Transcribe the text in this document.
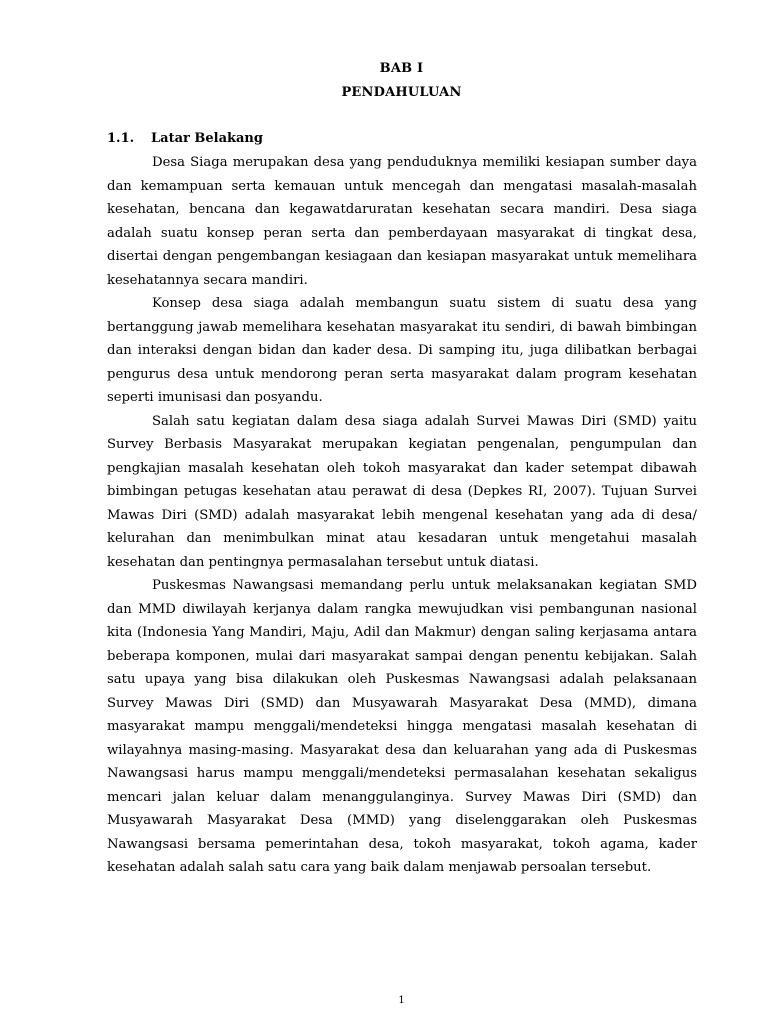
BAB I
PENDAHULUAN
1.1. Latar Belakang

Desa Siaga merupakan desa yang penduduknya memiliki kesiapan sumber daya dan kemampuan serta kemauan untuk mencegah dan mengatasi masalah-masalah kesehatan, bencana dan kegawatdaruratan kesehatan secara mandiri. Desa siaga adalah suatu konsep peran serta dan pemberdayaan masyarakat di tingkat desa, disertai dengan pengembangan kesiagaan dan kesiapan masyarakat untuk memelihara kesehatannya secara mandiri.

Konsep desa siaga adalah membangun suatu sistem di suatu desa yang bertanggung jawab memelihara kesehatan masyarakat itu sendiri, di bawah bimbingan dan interaksi dengan bidan dan kader desa. Di samping itu, juga dilibatkan berbagai pengurus desa untuk mendorong peran serta masyarakat dalam program kesehatan seperti imunisasi dan posyandu.

Salah satu kegiatan dalam desa siaga adalah Survei Mawas Diri (SMD) yaitu Survey Berbasis Masyarakat merupakan kegiatan pengenalan, pengumpulan dan pengkajian masalah kesehatan oleh tokoh masyarakat dan kader setempat dibawah bimbingan petugas kesehatan atau perawat di desa (Depkes RI, 2007). Tujuan Survei Mawas Diri (SMD) adalah masyarakat lebih mengenal kesehatan yang ada di desa/ kelurahan dan menimbulkan minat atau kesadaran untuk mengetahui masalah kesehatan dan pentingnya permasalahan tersebut untuk diatasi.

Puskesmas Nawangsasi memandang perlu untuk melaksanakan kegiatan SMD dan MMD diwilayah kerjanya dalam rangka mewujudkan visi pembangunan nasional kita (Indonesia Yang Mandiri, Maju, Adil dan Makmur) dengan saling kerjasama antara beberapa komponen, mulai dari masyarakat sampai dengan penentu kebijakan. Salah satu upaya yang bisa dilakukan oleh Puskesmas Nawangsasi adalah pelaksanaan Survey Mawas Diri (SMD) dan Musyawarah Masyarakat Desa (MMD), dimana masyarakat mampu menggali/mendeteksi hingga mengatasi masalah kesehatan di wilayahnya masing-masing. Masyarakat desa dan keluarahan yang ada di Puskesmas Nawangsasi harus mampu menggali/mendeteksi permasalahan kesehatan sekaligus mencari jalan keluar dalam menanggulanginya. Survey Mawas Diri (SMD) dan Musyawarah Masyarakat Desa (MMD) yang diselenggarakan oleh Puskesmas Nawangsasi bersama pemerintahan desa, tokoh masyarakat, tokoh agama, kader kesehatan adalah salah satu cara yang baik dalam menjawab persoalan tersebut.

1
